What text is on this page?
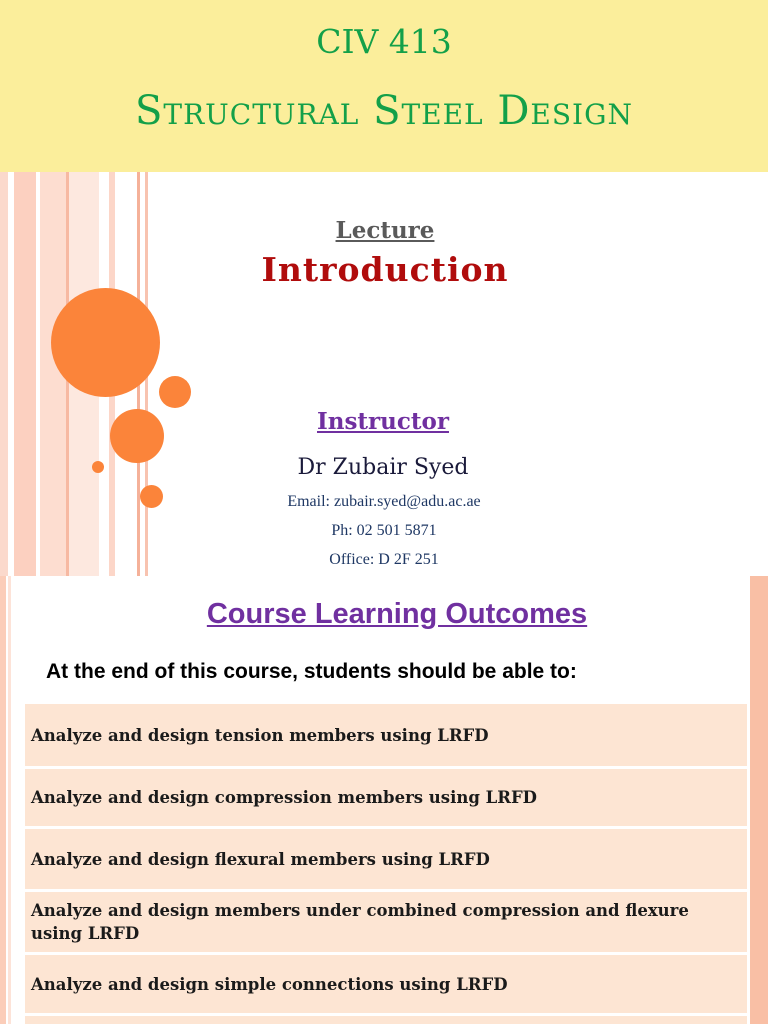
CIV 413
Structural Steel Design
Lecture
Introduction
Instructor
Dr Zubair Syed
Email: zubair.syed@adu.ac.ae
Ph: 02 501 5871
Office: D 2F 251
Course Learning Outcomes
At the end of this course, students should be able to:
Analyze and design tension members using LRFD
Analyze and design compression members using LRFD
Analyze and design flexural members using LRFD
Analyze and design members under combined compression and flexure using LRFD
Analyze and design simple connections using LRFD
